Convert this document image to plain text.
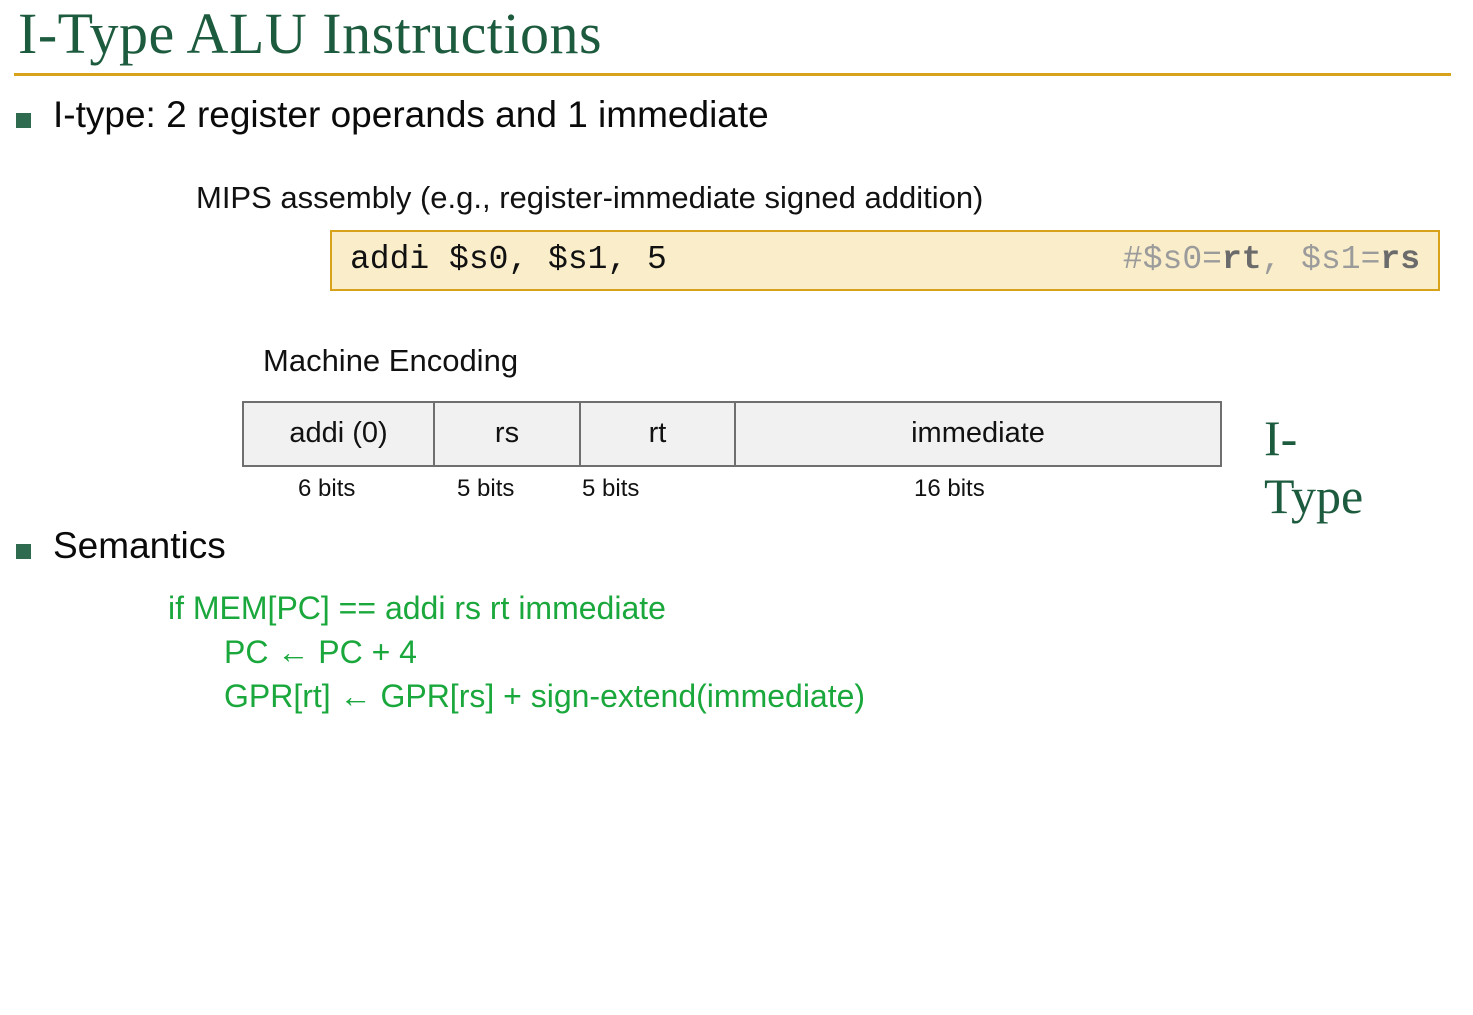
I-Type ALU Instructions
I-type: 2 register operands and 1 immediate
MIPS assembly (e.g., register-immediate signed addition)
addi $s0, $s1, 5	#$s0=rt, $s1=rs
Machine Encoding
addi (0)	rs	rt	immediate
6 bits	5 bits	5 bits	16 bits
I-Type
Semantics
if MEM[PC] == addi rs rt immediate
PC ← PC + 4
GPR[rt] ← GPR[rs] + sign-extend(immediate)
